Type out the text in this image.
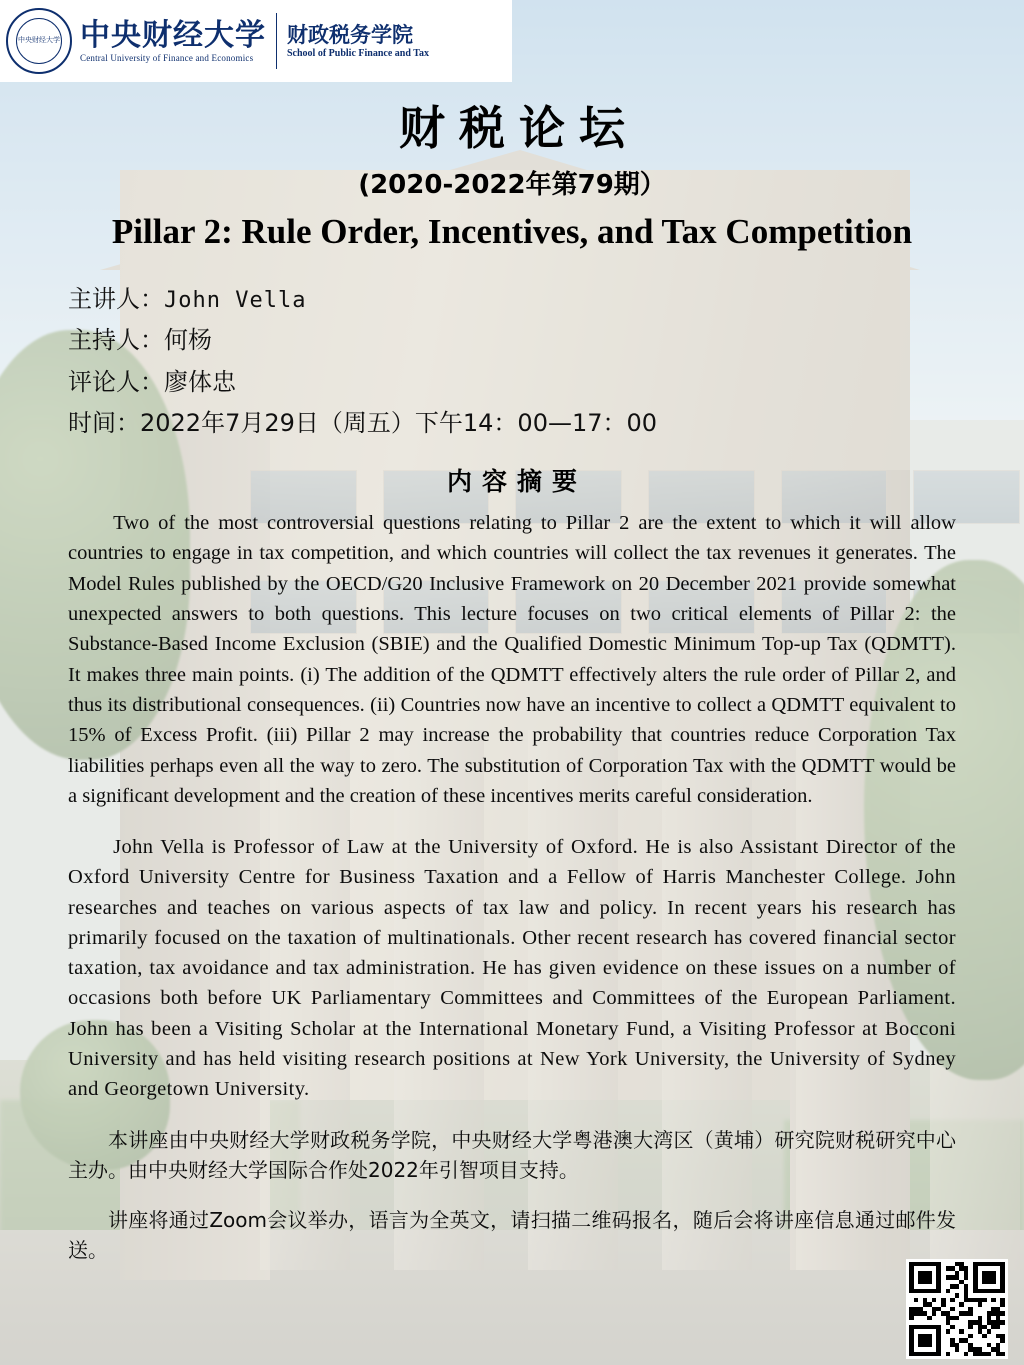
中央财经大学 中央财经大学
Central University of Finance and Economics
财政税务学院
School of Public Finance and Tax
财税论坛
(2020-2022年第79期）
Pillar 2: Rule Order, Incentives, and Tax Competition
主讲人：John Vella
主持人：何杨
评论人：廖体忠
时间：2022年7月29日（周五）下午14：00—17：00
内容摘要

Two of the most controversial questions relating to Pillar 2 are the extent to which it will allow countries to engage in tax competition, and which countries will collect the tax revenues it generates. The Model Rules published by the OECD/G20 Inclusive Framework on 20 December 2021 provide somewhat unexpected answers to both questions. This lecture focuses on two critical elements of Pillar 2: the Substance-Based Income Exclusion (SBIE) and the Qualified Domestic Minimum Top-up Tax (QDMTT). It makes three main points. (i) The addition of the QDMTT effectively alters the rule order of Pillar 2, and thus its distributional consequences. (ii) Countries now have an incentive to collect a QDMTT equivalent to 15% of Excess Profit. (iii) Pillar 2 may increase the probability that countries reduce Corporation Tax liabilities perhaps even all the way to zero. The substitution of Corporation Tax with the QDMTT would be a significant development and the creation of these incentives merits careful consideration.

John Vella is Professor of Law at the University of Oxford. He is also Assistant Director of the Oxford University Centre for Business Taxation and a Fellow of Harris Manchester College. John researches and teaches on various aspects of tax law and policy. In recent years his research has primarily focused on the taxation of multinationals. Other recent research has covered financial sector taxation, tax avoidance and tax administration. He has given evidence on these issues on a number of occasions both before UK Parliamentary Committees and Committees of the European Parliament. John has been a Visiting Scholar at the International Monetary Fund, a Visiting Professor at Bocconi University and has held visiting research positions at New York University, the University of Sydney and Georgetown University.

本讲座由中央财经大学财政税务学院，中央财经大学粤港澳大湾区（黄埔）研究院财税研究中心主办。由中央财经大学国际合作处2022年引智项目支持。

讲座将通过Zoom会议举办，语言为全英文，请扫描二维码报名，随后会将讲座信息通过邮件发送。
